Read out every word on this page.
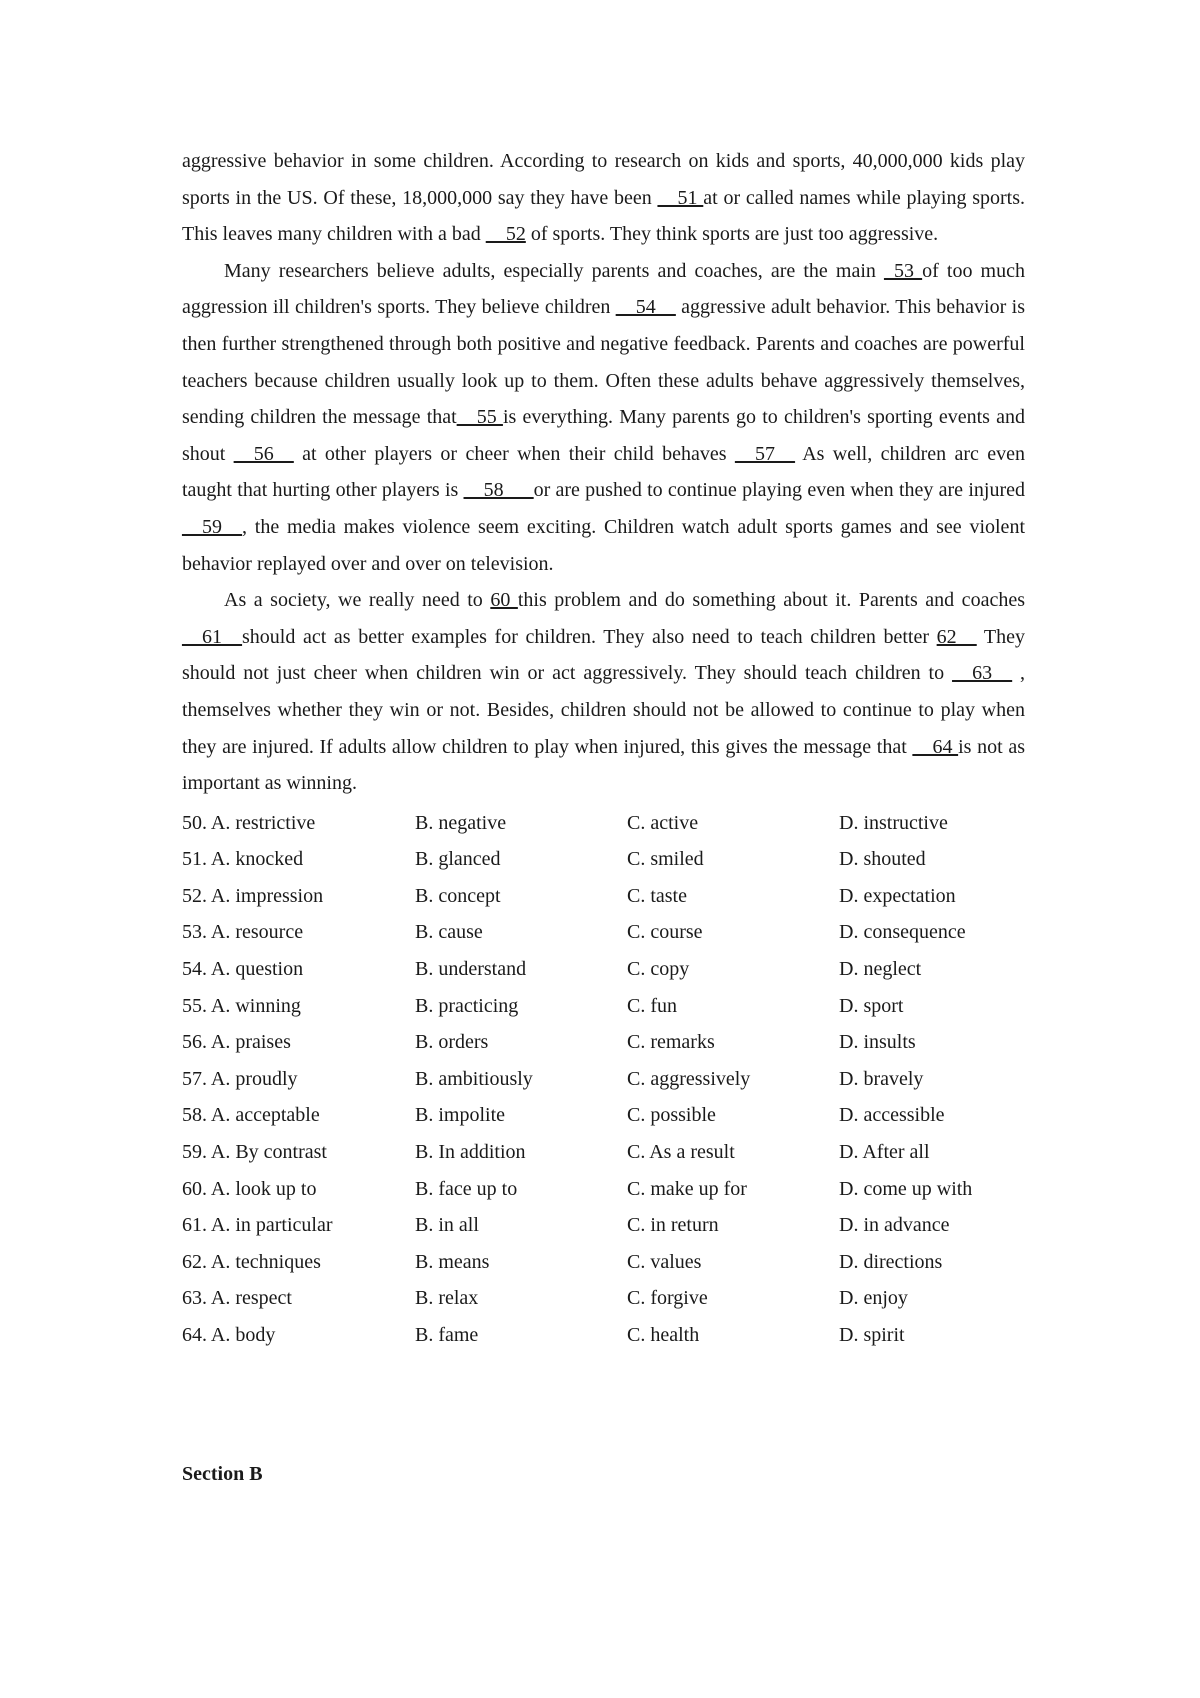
aggressive behavior in some children. According to research on kids and sports, 40,000,000 kids play sports in the US. Of these, 18,000,000 say they have been __51 at or called names while playing sports. This leaves many children with a bad __52 of sports. They think sports are just too aggressive.

Many researchers believe adults, especially parents and coaches, are the main _53 of too much aggression ill children's sports. They believe children __54__ aggressive adult behavior. This behavior is then further strengthened through both positive and negative feedback. Parents and coaches are powerful teachers because children usually look up to them. Often these adults behave aggressively themselves, sending children the message that__55 is everything. Many parents go to children's sporting events and shout __56__ at other players or cheer when their child behaves __57__ As well, children arc even taught that hurting other players is __58___or are pushed to continue playing even when they are injured __59__, the media makes violence seem exciting. Children watch adult sports games and see violent behavior replayed over and over on television.

As a society, we really need to 60 this problem and do something about it. Parents and coaches __61__should act as better examples for children. They also need to teach children better 62__ They should not just cheer when children win or act aggressively. They should teach children to __63__ , themselves whether they win or not. Besides, children should not be allowed to continue to play when they are injured. If adults allow children to play when injured, this gives the message that __64 is not as important as winning.

50. A. restrictive	B. negative	C. active	D. instructive
51. A. knocked	B. glanced	C. smiled	D. shouted
52. A. impression	B. concept	C. taste	D. expectation
53. A. resource	B. cause	C. course	D. consequence
54. A. question	B. understand	C. copy	D. neglect
55. A. winning	B. practicing	C. fun	D. sport
56. A. praises	B. orders	C. remarks	D. insults
57. A. proudly	B. ambitiously	C. aggressively	D. bravely
58. A. acceptable	B. impolite	C. possible	D. accessible
59. A. By contrast	B. In addition	C. As a result	D. After all
60. A. look up to	B. face up to	C. make up for	D. come up with
61. A. in particular	B. in all	C. in return	D. in advance
62. A. techniques	B. means	C. values	D. directions
63. A. respect	B. relax	C. forgive	D. enjoy
64. A. body	B. fame	C. health	D. spirit

Section B
